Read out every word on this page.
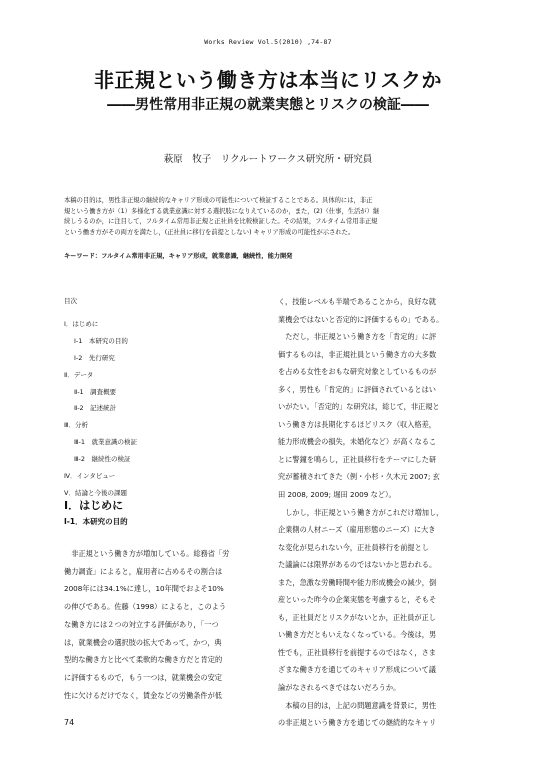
Works Review Vol.5(2010) ,74-87
非正規という働き方は本当にリスクか
――男性常用非正規の就業実態とリスクの検証――
萩原　牧子　リクルートワークス研究所・研究員
本稿の目的は，男性非正規の継続的なキャリア形成の可能性について検証することである。具体的には，非正
規という働き方が（1）多様化する就業意識に対する選択肢になりえているのか，また，(2)（仕事，生活が）継
続しうるのか，に注目して，フルタイム常用非正規と正社員を比較検証した。その結果，フルタイム常用非正規
という働き方がその両方を満たし，(正社員に移行を前提としない) キャリア形成の可能性が示された。
キーワード：フルタイム常用非正規，キャリア形成，就業意識，継続性，能力開発
目次
Ⅰ．はじめに
Ⅰ-1　本研究の目的
Ⅰ-2　先行研究
Ⅱ．データ
Ⅱ-1　調査概要
Ⅱ-2　記述統計
Ⅲ．分析
Ⅲ-1　就業意識の検証
Ⅲ-2　継続性の検証
Ⅳ．インタビュー
Ⅴ．結論と今後の課題
Ⅰ．はじめに
Ⅰ-1．本研究の目的
　非正規という働き方が増加している。総務省「労
働力調査」によると，雇用者に占めるその割合は
2008年には34.1%に達し，10年間でおよそ10%
の伸びである。佐藤（1998）によると，このよう
な働き方には２つの対立する評価があり，「一つ
は，就業機会の選択肢の拡大であって，かつ，典
型的な働き方と比べて柔軟的な働き方だと肯定的
に評価するもので，もう一つは，就業機会の安定
性に欠けるだけでなく，賃金などの労働条件が低
く，技能レベルも半端であることから，良好な就
業機会ではないと否定的に評価するもの」である。
　ただし，非正規という働き方を「肯定的」に評
価するものは，非正規社員という働き方の大多数
を占める女性をおもな研究対象としているものが
多く，男性も「肯定的」に評価されているとはい
いがたい。「否定的」な研究は，総じて，非正規と
いう働き方は長期化するほどリスク（収入格差，
能力形成機会の損失，未婚化など）が高くなるこ
とに警鐘を鳴らし，正社員移行をテーマにした研
究が蓄積されてきた（例・小杉・久木元 2007; 玄
田 2008, 2009; 堀田 2009 など）。
　しかし，非正規という働き方がこれだけ増加し，
企業側の人材ニーズ（雇用形態のニーズ）に大き
な変化が見られない今，正社員移行を前提とし
た議論には限界があるのではないかと思われる。
また，急激な労働時間や能力形成機会の減少，倒
産といった昨今の企業実態を考慮すると，そもそ
も，正社員だとリスクがないとか，正社員が正し
い働き方だともいえなくなっている。今後は，男
性でも，正社員移行を前提するのではなく，さま
ざまな働き方を通じてのキャリア形成について議
論がなされるべきではないだろうか。
　本稿の目的は，上記の問題意識を背景に，男性
の非正規という働き方を通じての継続的なキャリ
74
